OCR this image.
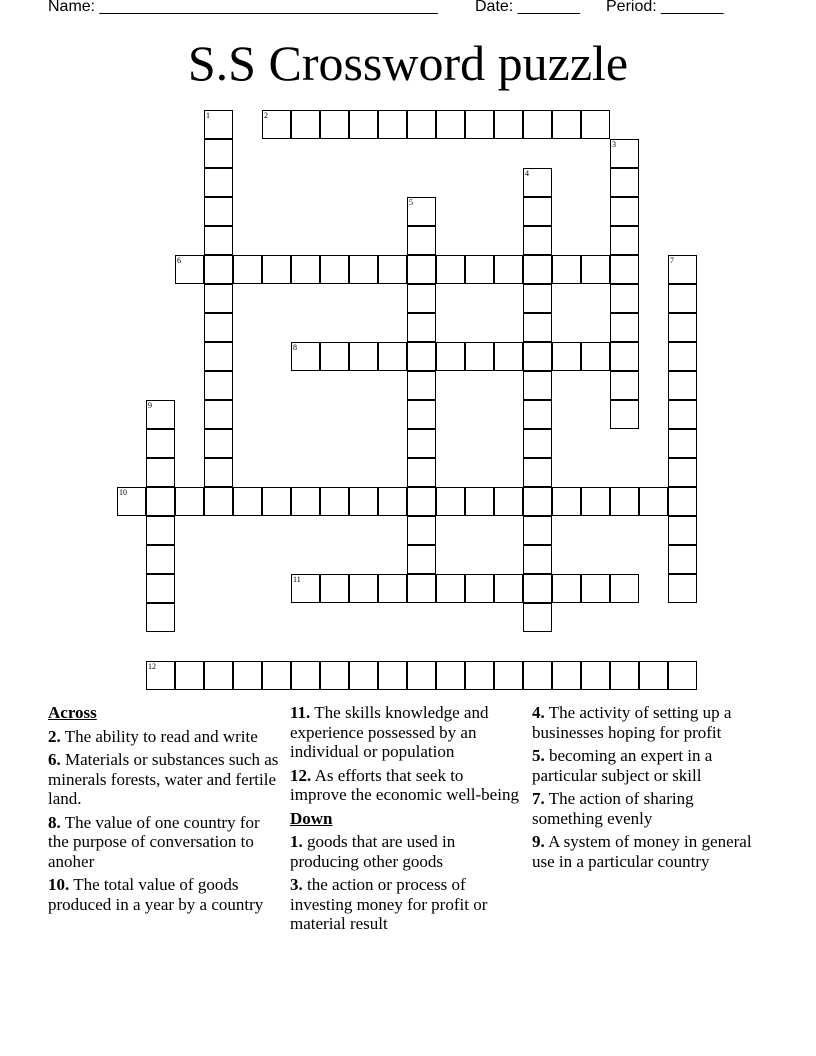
Name: ______________________________________

Date: _______

Period: _______

S.S Crossword puzzle
1	2
3
4
5
6	7
8
9
10
11
12
Across
2. The ability to read and write
6. Materials or substances such as minerals forests, water and fertile land.
8. The value of one country for the purpose of conversation to anoher
10. The total value of goods produced in a year by a country
11. The skills knowledge and experience possessed by an individual or population
12. As efforts that seek to improve the economic well-being
Down
1. goods that are used in producing other goods
3. the action or process of investing money for profit or material result
4. The activity of setting up a businesses hoping for profit
5. becoming an expert in a particular subject or skill
7. The action of sharing something evenly
9. A system of money in general use in a particular country
